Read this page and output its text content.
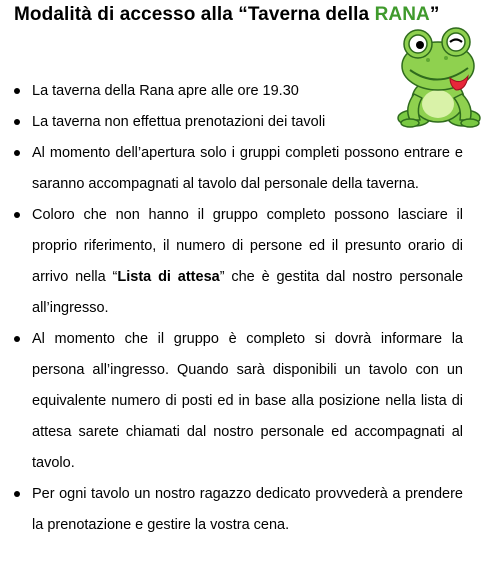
Modalità di accesso alla “Taverna della RANA”
La taverna della Rana apre alle ore 19.30
La taverna non effettua prenotazioni dei tavoli
Al momento dell’apertura solo i gruppi completi possono entrare e saranno accompagnati al tavolo dal personale della taverna.
Coloro che non hanno il gruppo completo possono lasciare il proprio riferimento, il numero di persone ed il presunto orario di arrivo nella “Lista di attesa” che è gestita dal nostro personale all’ingresso.
Al momento che il gruppo è completo si dovrà informare la persona all’ingresso. Quando sarà disponibili un tavolo con un equivalente numero di posti ed in base alla posizione nella lista di attesa sarete chiamati dal nostro personale ed accompagnati al tavolo.
Per ogni tavolo un nostro ragazzo dedicato provvederà a prendere la prenotazione e gestire la vostra cena.
